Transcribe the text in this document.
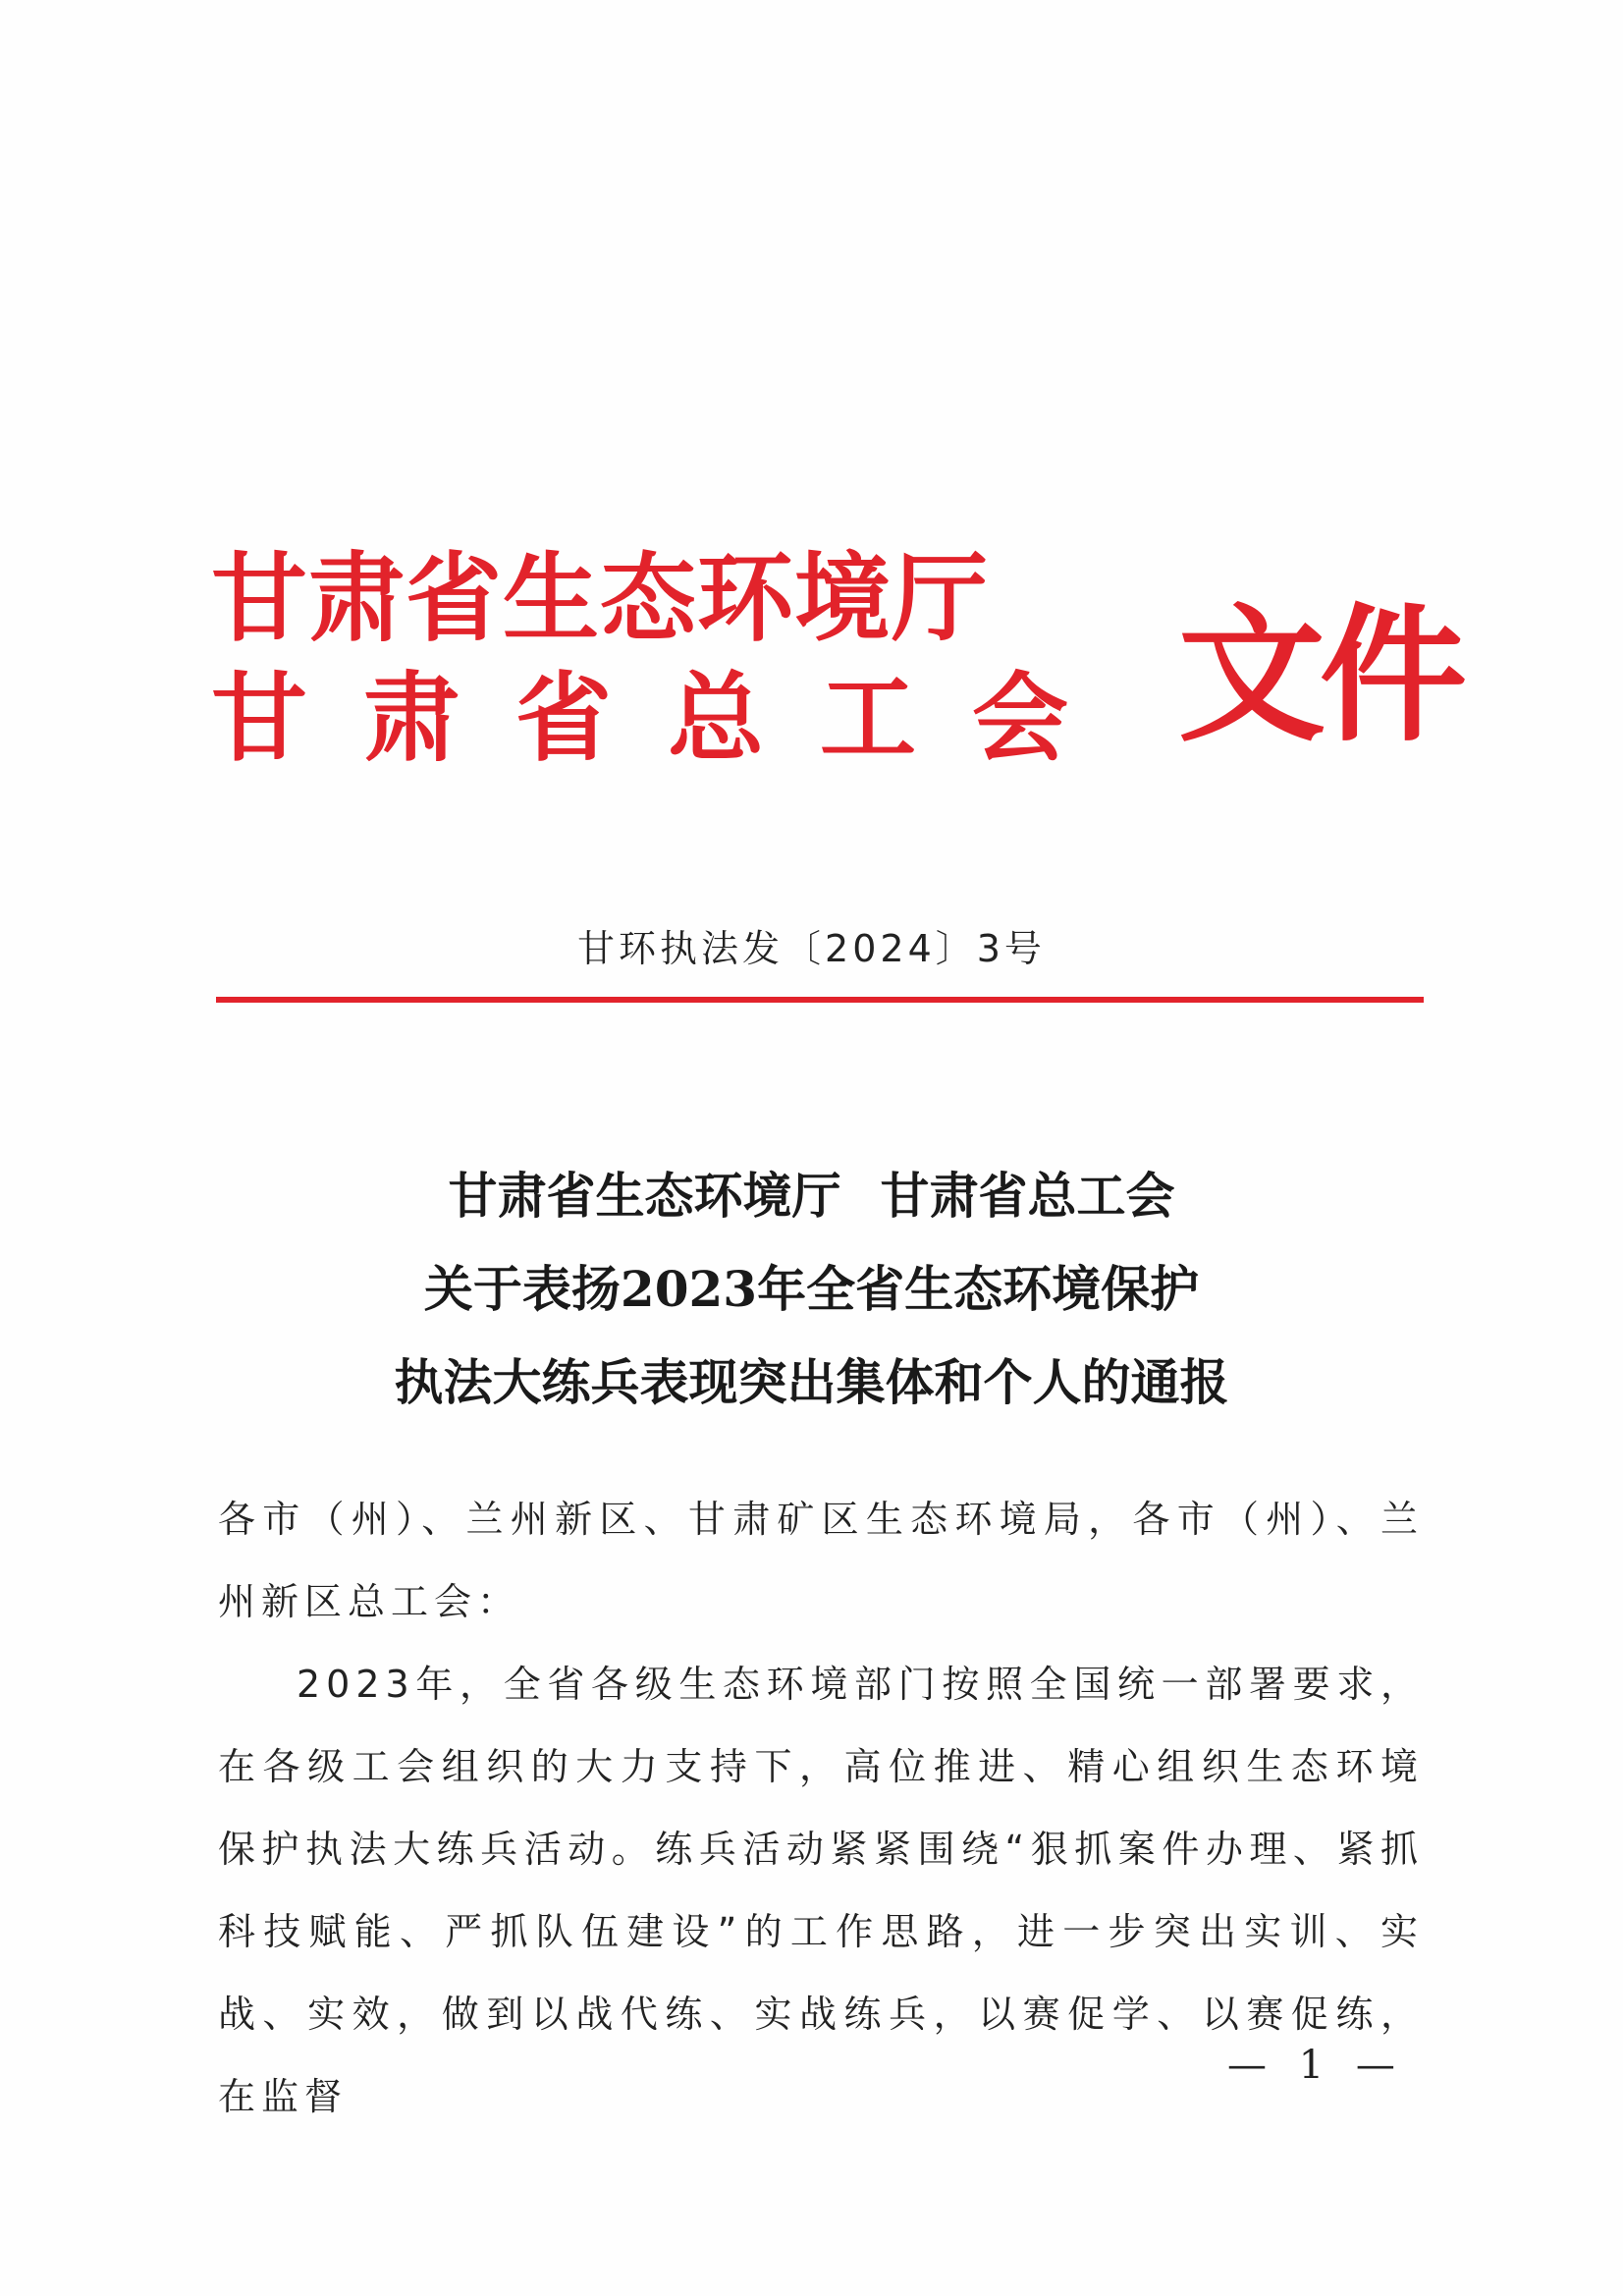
甘肃省生态环境厅
甘肃省总工会 文件
甘环执法发〔2024〕3号
甘肃省生态环境厅 甘肃省总工会
关于表扬2023年全省生态环境保护
执法大练兵表现突出集体和个人的通报

各市（州）、兰州新区、甘肃矿区生态环境局，各市（州）、兰州新区总工会：

2023年，全省各级生态环境部门按照全国统一部署要求，在各级工会组织的大力支持下，高位推进、精心组织生态环境保护执法大练兵活动。练兵活动紧紧围绕“狠抓案件办理、紧抓科技赋能、严抓队伍建设”的工作思路，进一步突出实训、实战、实效，做到以战代练、实战练兵，以赛促学、以赛促练，在监督

— 1 —
